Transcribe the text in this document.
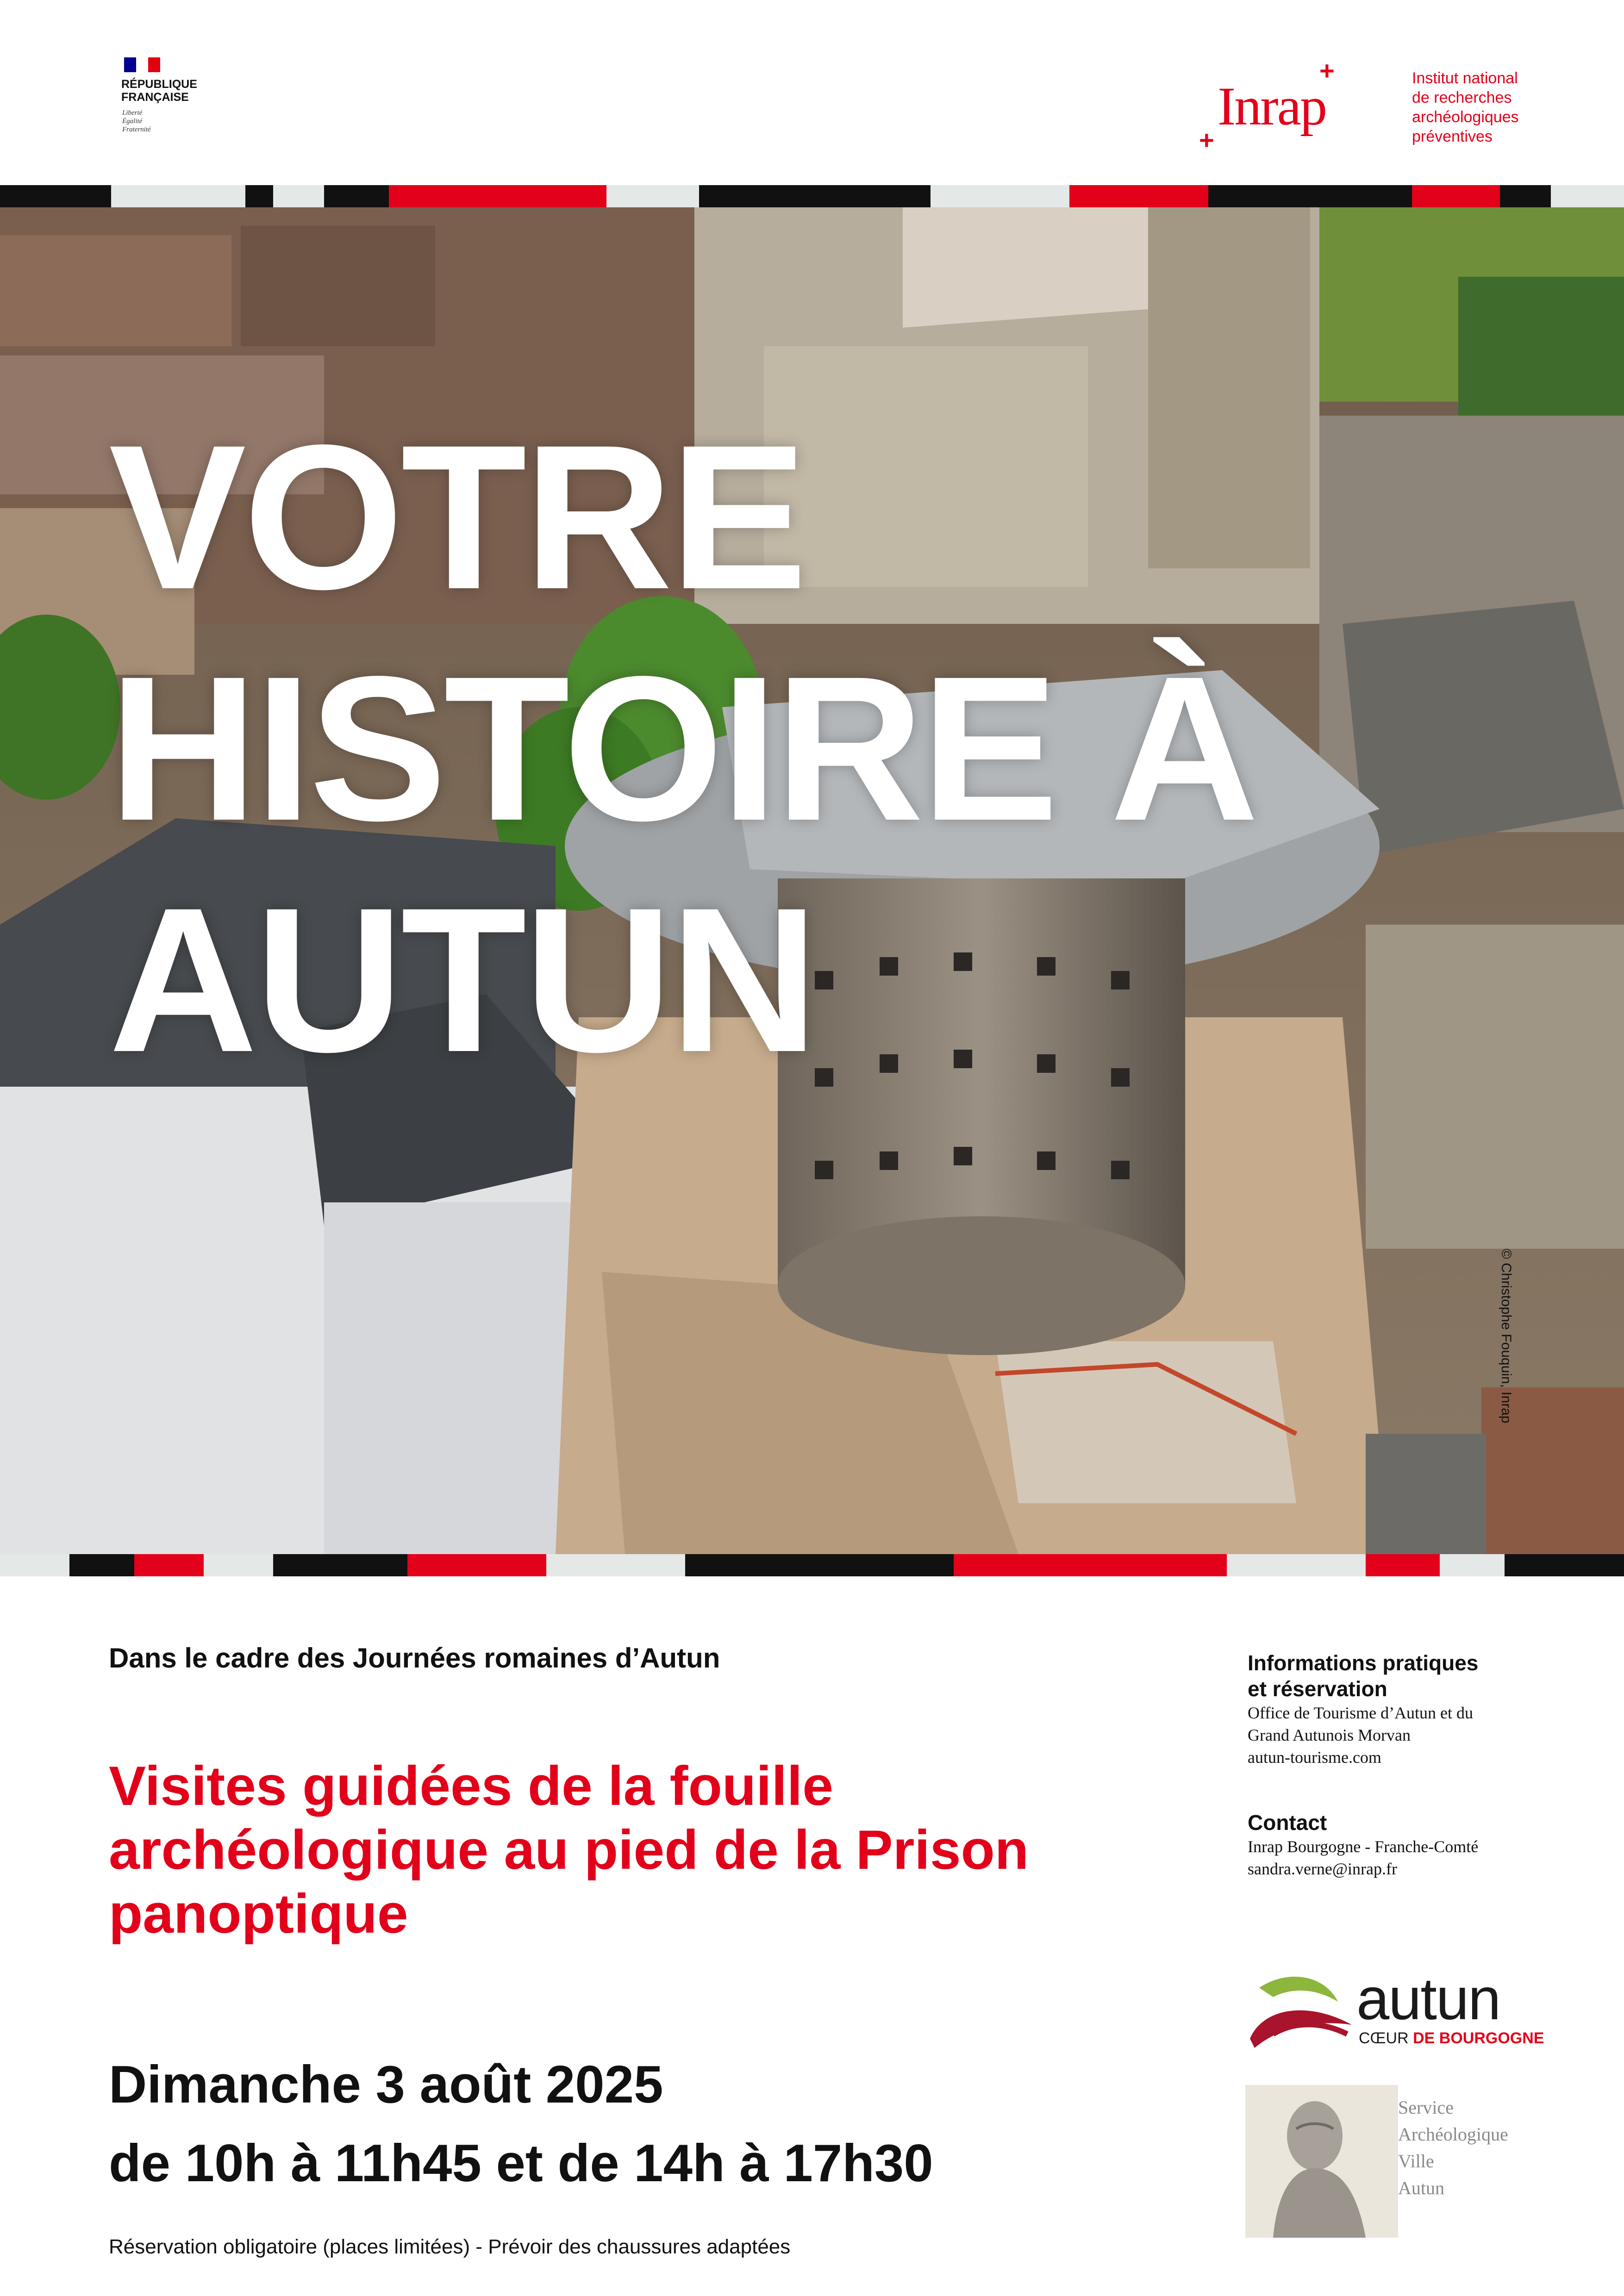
RÉPUBLIQUE
FRANÇAISE
Liberté
Égalité
Fraternité	Inrap
+
+
Institut national
de recherches
archéologiques
préventives
VOTRE
HISTOIRE À
AUTUN
© Christophe Fouquin, Inrap
Dans le cadre des Journées romaines d’Autun
Visites guidées de la fouille archéologique au pied de la Prison panoptique
Dimanche 3 août 2025
de 10h à 11h45 et de 14h à 17h30
Réservation obligatoire (places limitées) - Prévoir des chaussures adaptées
Informations pratiques
et réservation
Office de Tourisme d’Autun et du
Grand Autunois Morvan
autun-tourisme.com
Contact
Inrap Bourgogne - Franche-Comté
sandra.verne@inrap.fr
autun
CŒUR DE BOURGOGNE
Service
Archéologique
Ville
Autun
